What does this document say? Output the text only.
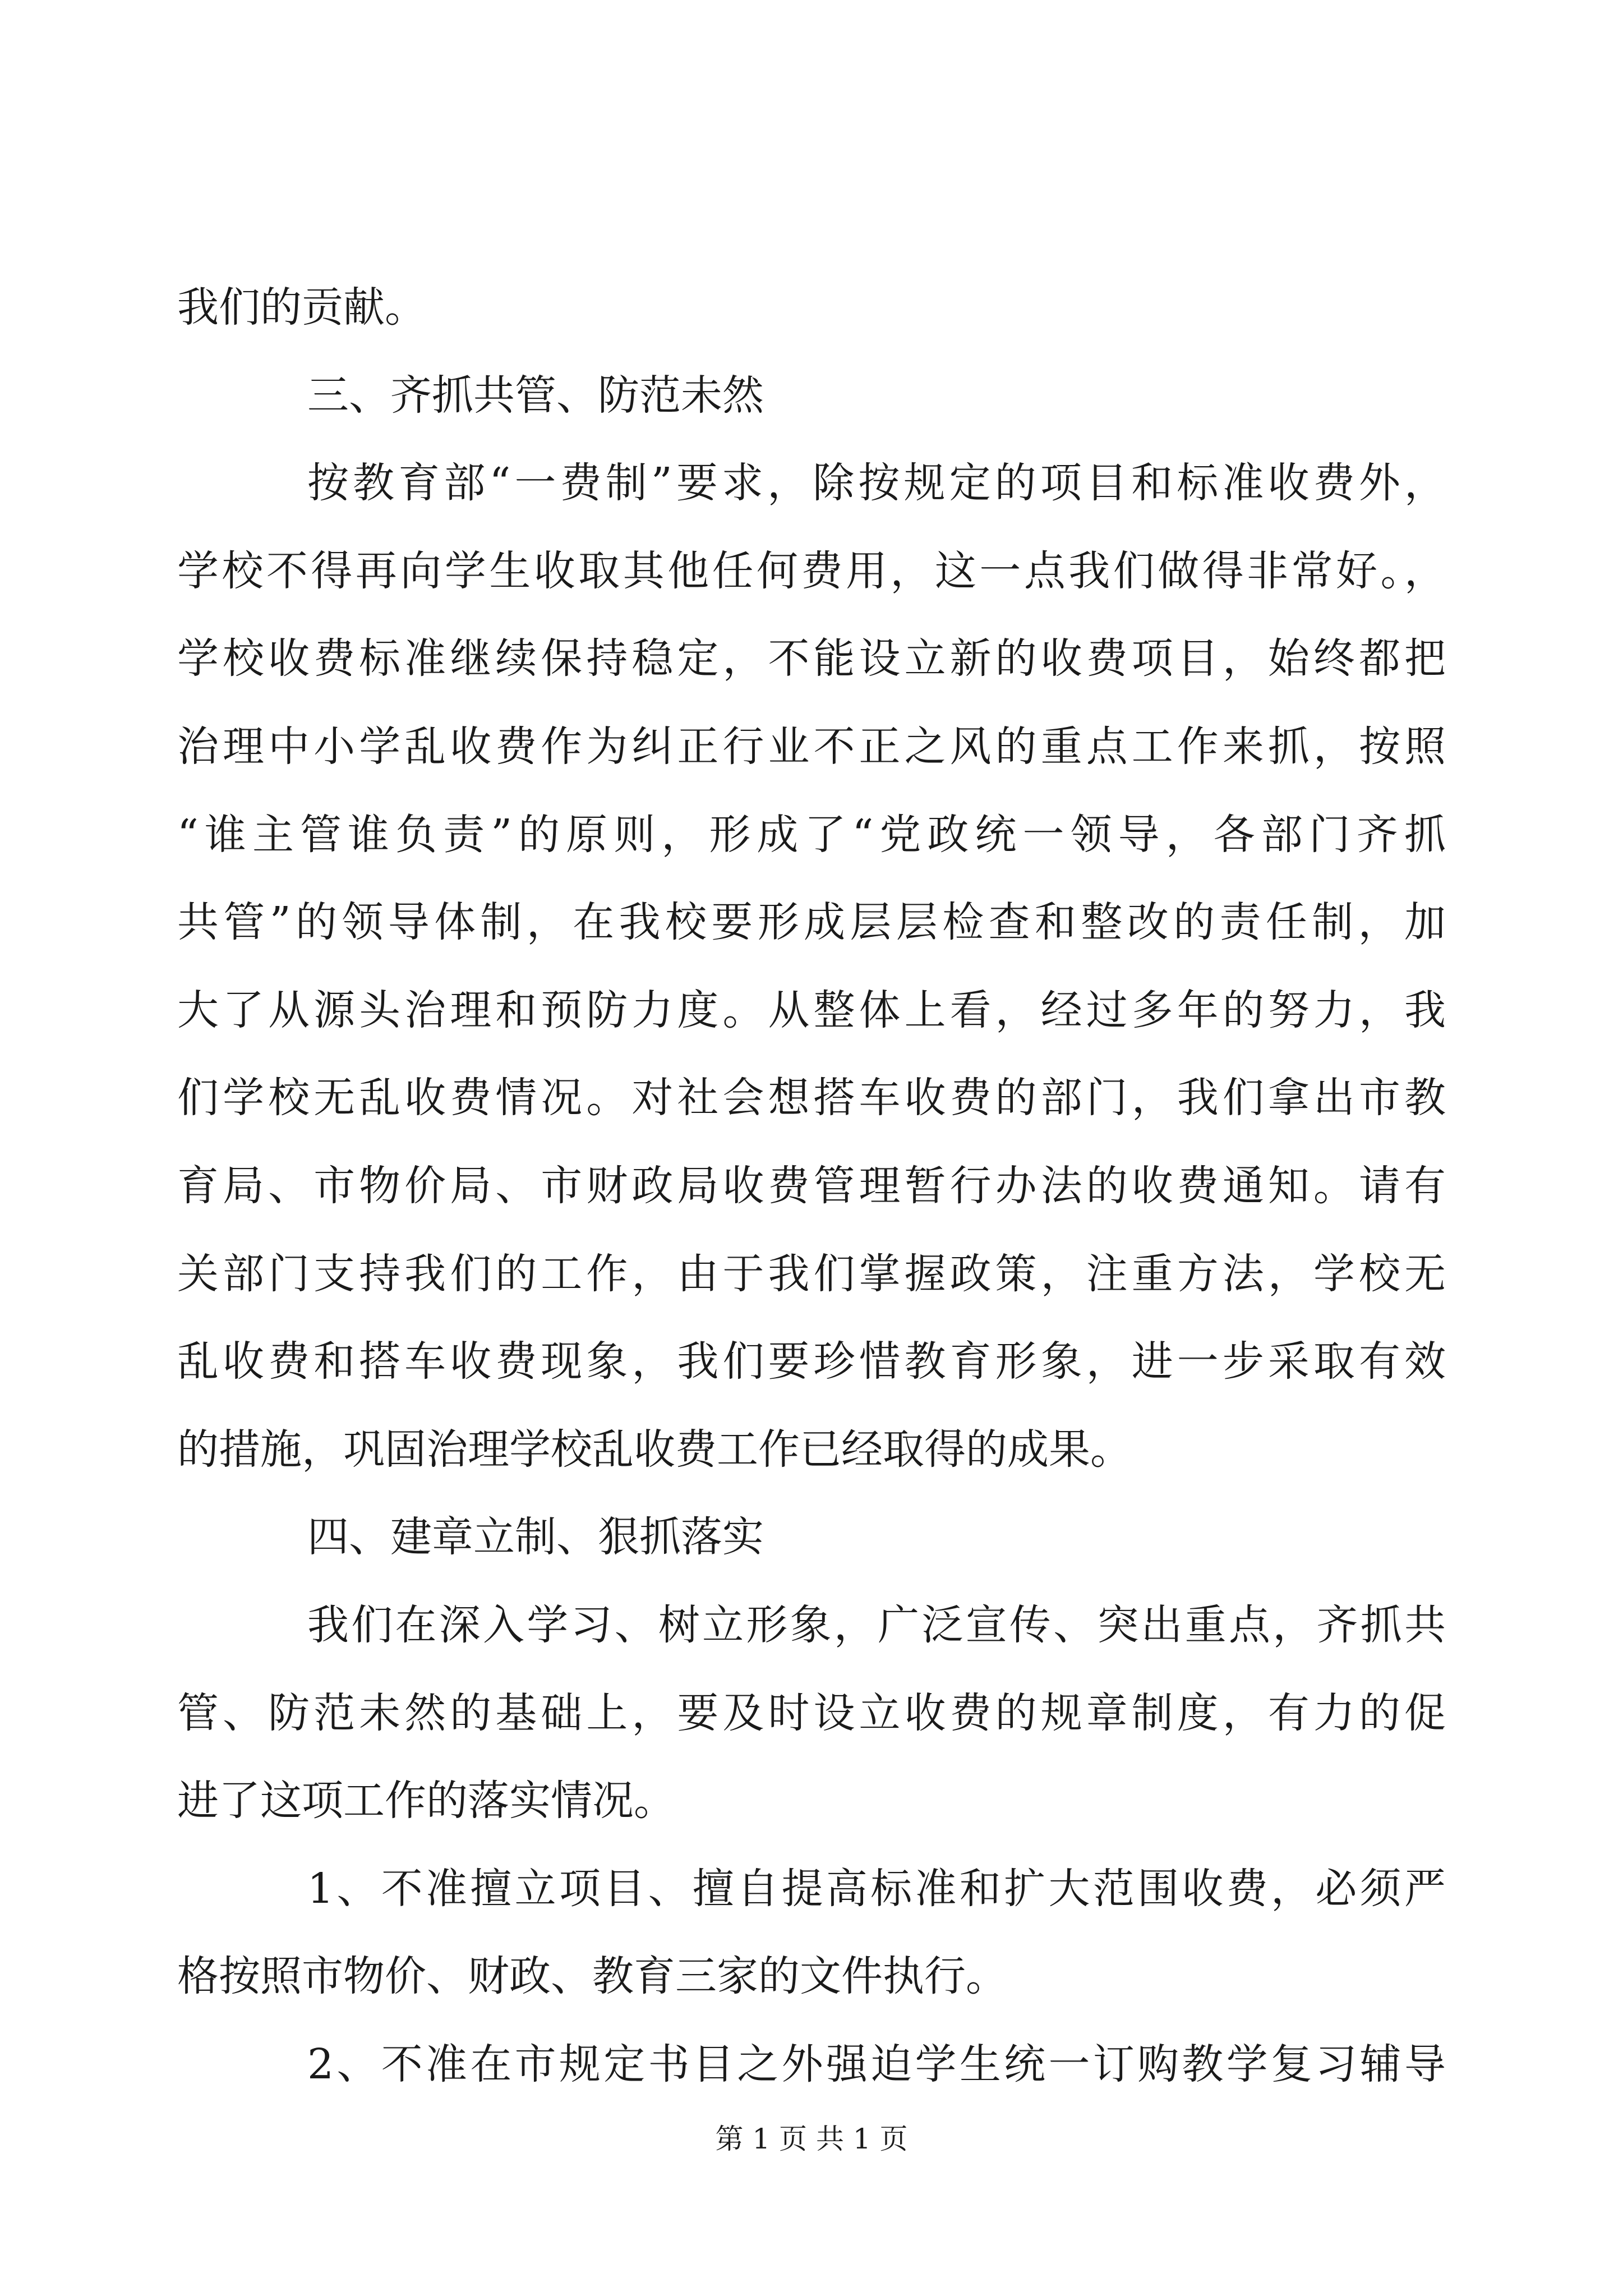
我们的贡献。
三、齐抓共管、防范未然
按教育部“一费制”要求，除按规定的项目和标准收费外，
学校不得再向学生收取其他任何费用，这一点我们做得非常好。，
学校收费标准继续保持稳定，不能设立新的收费项目，始终都把
治理中小学乱收费作为纠正行业不正之风的重点工作来抓，按照
“谁主管谁负责”的原则，形成了“党政统一领导，各部门齐抓
共管”的领导体制，在我校要形成层层检查和整改的责任制，加
大了从源头治理和预防力度。从整体上看，经过多年的努力，我
们学校无乱收费情况。对社会想搭车收费的部门，我们拿出市教
育局、市物价局、市财政局收费管理暂行办法的收费通知。请有
关部门支持我们的工作，由于我们掌握政策，注重方法，学校无
乱收费和搭车收费现象，我们要珍惜教育形象，进一步采取有效
的措施，巩固治理学校乱收费工作已经取得的成果。
四、建章立制、狠抓落实
我们在深入学习、树立形象，广泛宣传、突出重点，齐抓共
管、防范未然的基础上，要及时设立收费的规章制度，有力的促
进了这项工作的落实情况。
1、不准擅立项目、擅自提高标准和扩大范围收费，必须严
格按照市物价、财政、教育三家的文件执行。
2、不准在市规定书目之外强迫学生统一订购教学复习辅导
第 1 页 共 1 页
